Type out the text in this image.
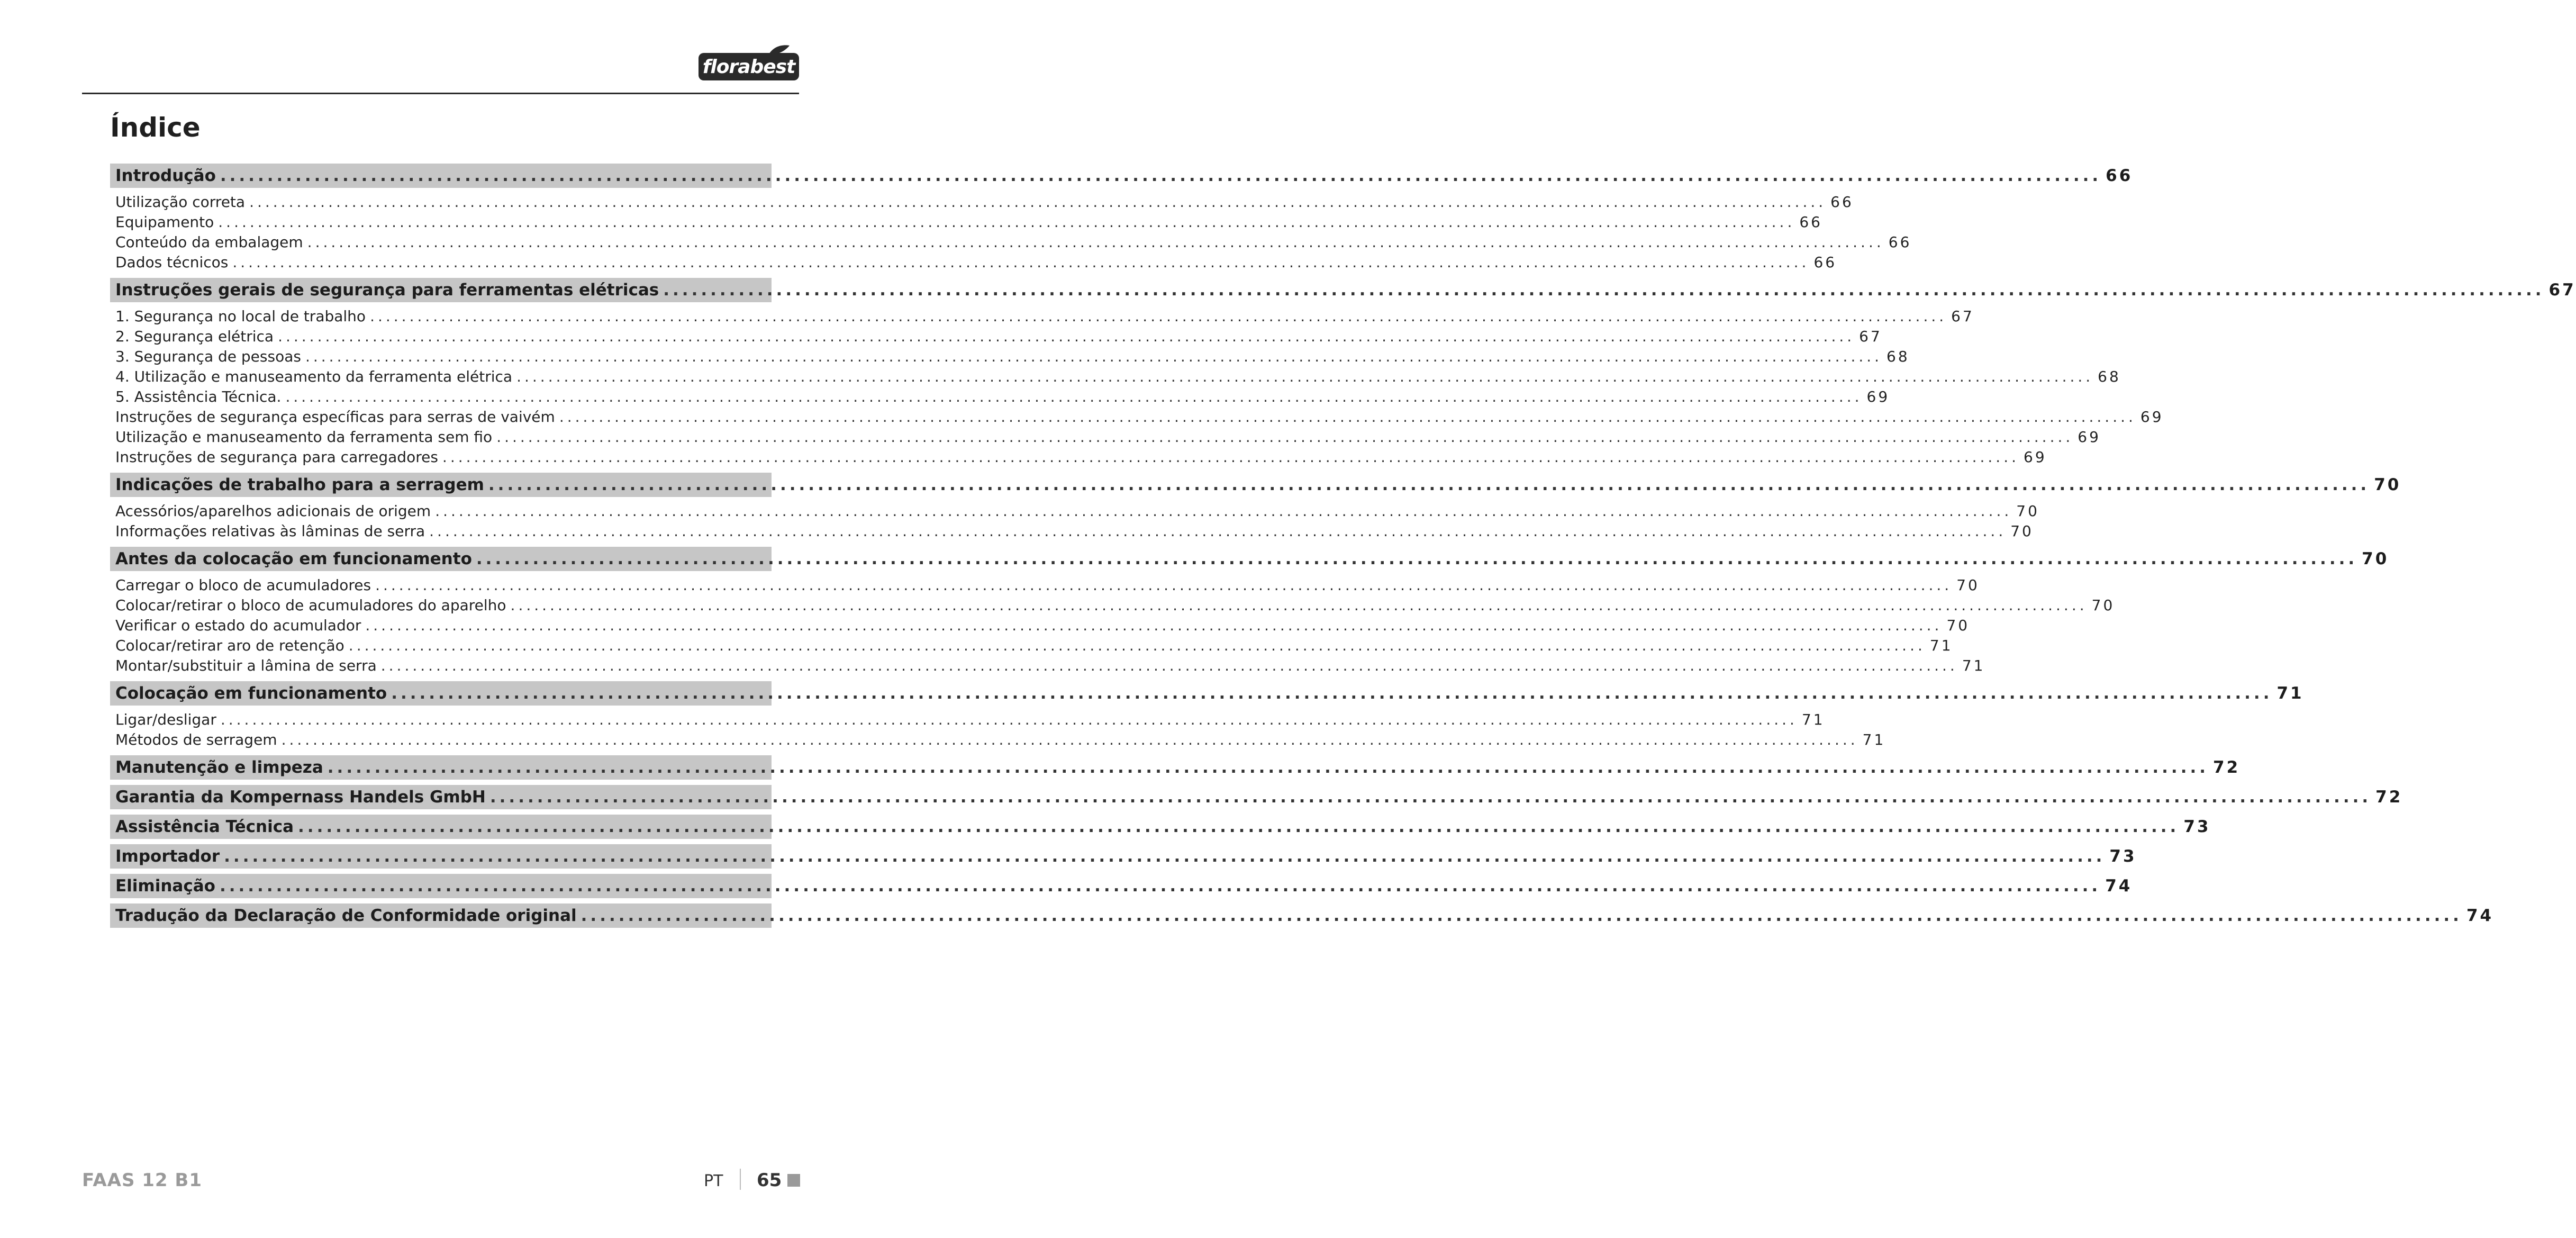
florabest
Índice
Introdução ........................................................................................................................................................................................................ 66
Utilização correta ........................................................................................................................................................................................................ 66
Equipamento ........................................................................................................................................................................................................ 66
Conteúdo da embalagem ........................................................................................................................................................................................................ 66
Dados técnicos ........................................................................................................................................................................................................ 66
Instruções gerais de segurança para ferramentas elétricas ........................................................................................................................................................................................................ 67
1. Segurança no local de trabalho ........................................................................................................................................................................................................ 67
2. Segurança elétrica ........................................................................................................................................................................................................ 67
3. Segurança de pessoas ........................................................................................................................................................................................................ 68
4. Utilização e manuseamento da ferramenta elétrica ........................................................................................................................................................................................................ 68
5. Assistência Técnica. ........................................................................................................................................................................................................ 69
Instruções de segurança específicas para serras de vaivém ........................................................................................................................................................................................................ 69
Utilização e manuseamento da ferramenta sem fio ........................................................................................................................................................................................................ 69
Instruções de segurança para carregadores ........................................................................................................................................................................................................ 69
Indicações de trabalho para a serragem ........................................................................................................................................................................................................ 70
Acessórios/aparelhos adicionais de origem ........................................................................................................................................................................................................ 70
Informações relativas às lâminas de serra ........................................................................................................................................................................................................ 70
Antes da colocação em funcionamento ........................................................................................................................................................................................................ 70
Carregar o bloco de acumuladores ........................................................................................................................................................................................................ 70
Colocar/retirar o bloco de acumuladores do aparelho ........................................................................................................................................................................................................ 70
Verificar o estado do acumulador ........................................................................................................................................................................................................ 70
Colocar/retirar aro de retenção ........................................................................................................................................................................................................ 71
Montar/substituir a lâmina de serra ........................................................................................................................................................................................................ 71
Colocação em funcionamento ........................................................................................................................................................................................................ 71
Ligar/desligar ........................................................................................................................................................................................................ 71
Métodos de serragem ........................................................................................................................................................................................................ 71
Manutenção e limpeza ........................................................................................................................................................................................................ 72
Garantia da Kompernass Handels GmbH ........................................................................................................................................................................................................ 72
Assistência Técnica ........................................................................................................................................................................................................ 73
Importador ........................................................................................................................................................................................................ 73
Eliminação ........................................................................................................................................................................................................ 74
Tradução da Declaração de Conformidade original ........................................................................................................................................................................................................ 74
FAAS 12 B1	PT 65
